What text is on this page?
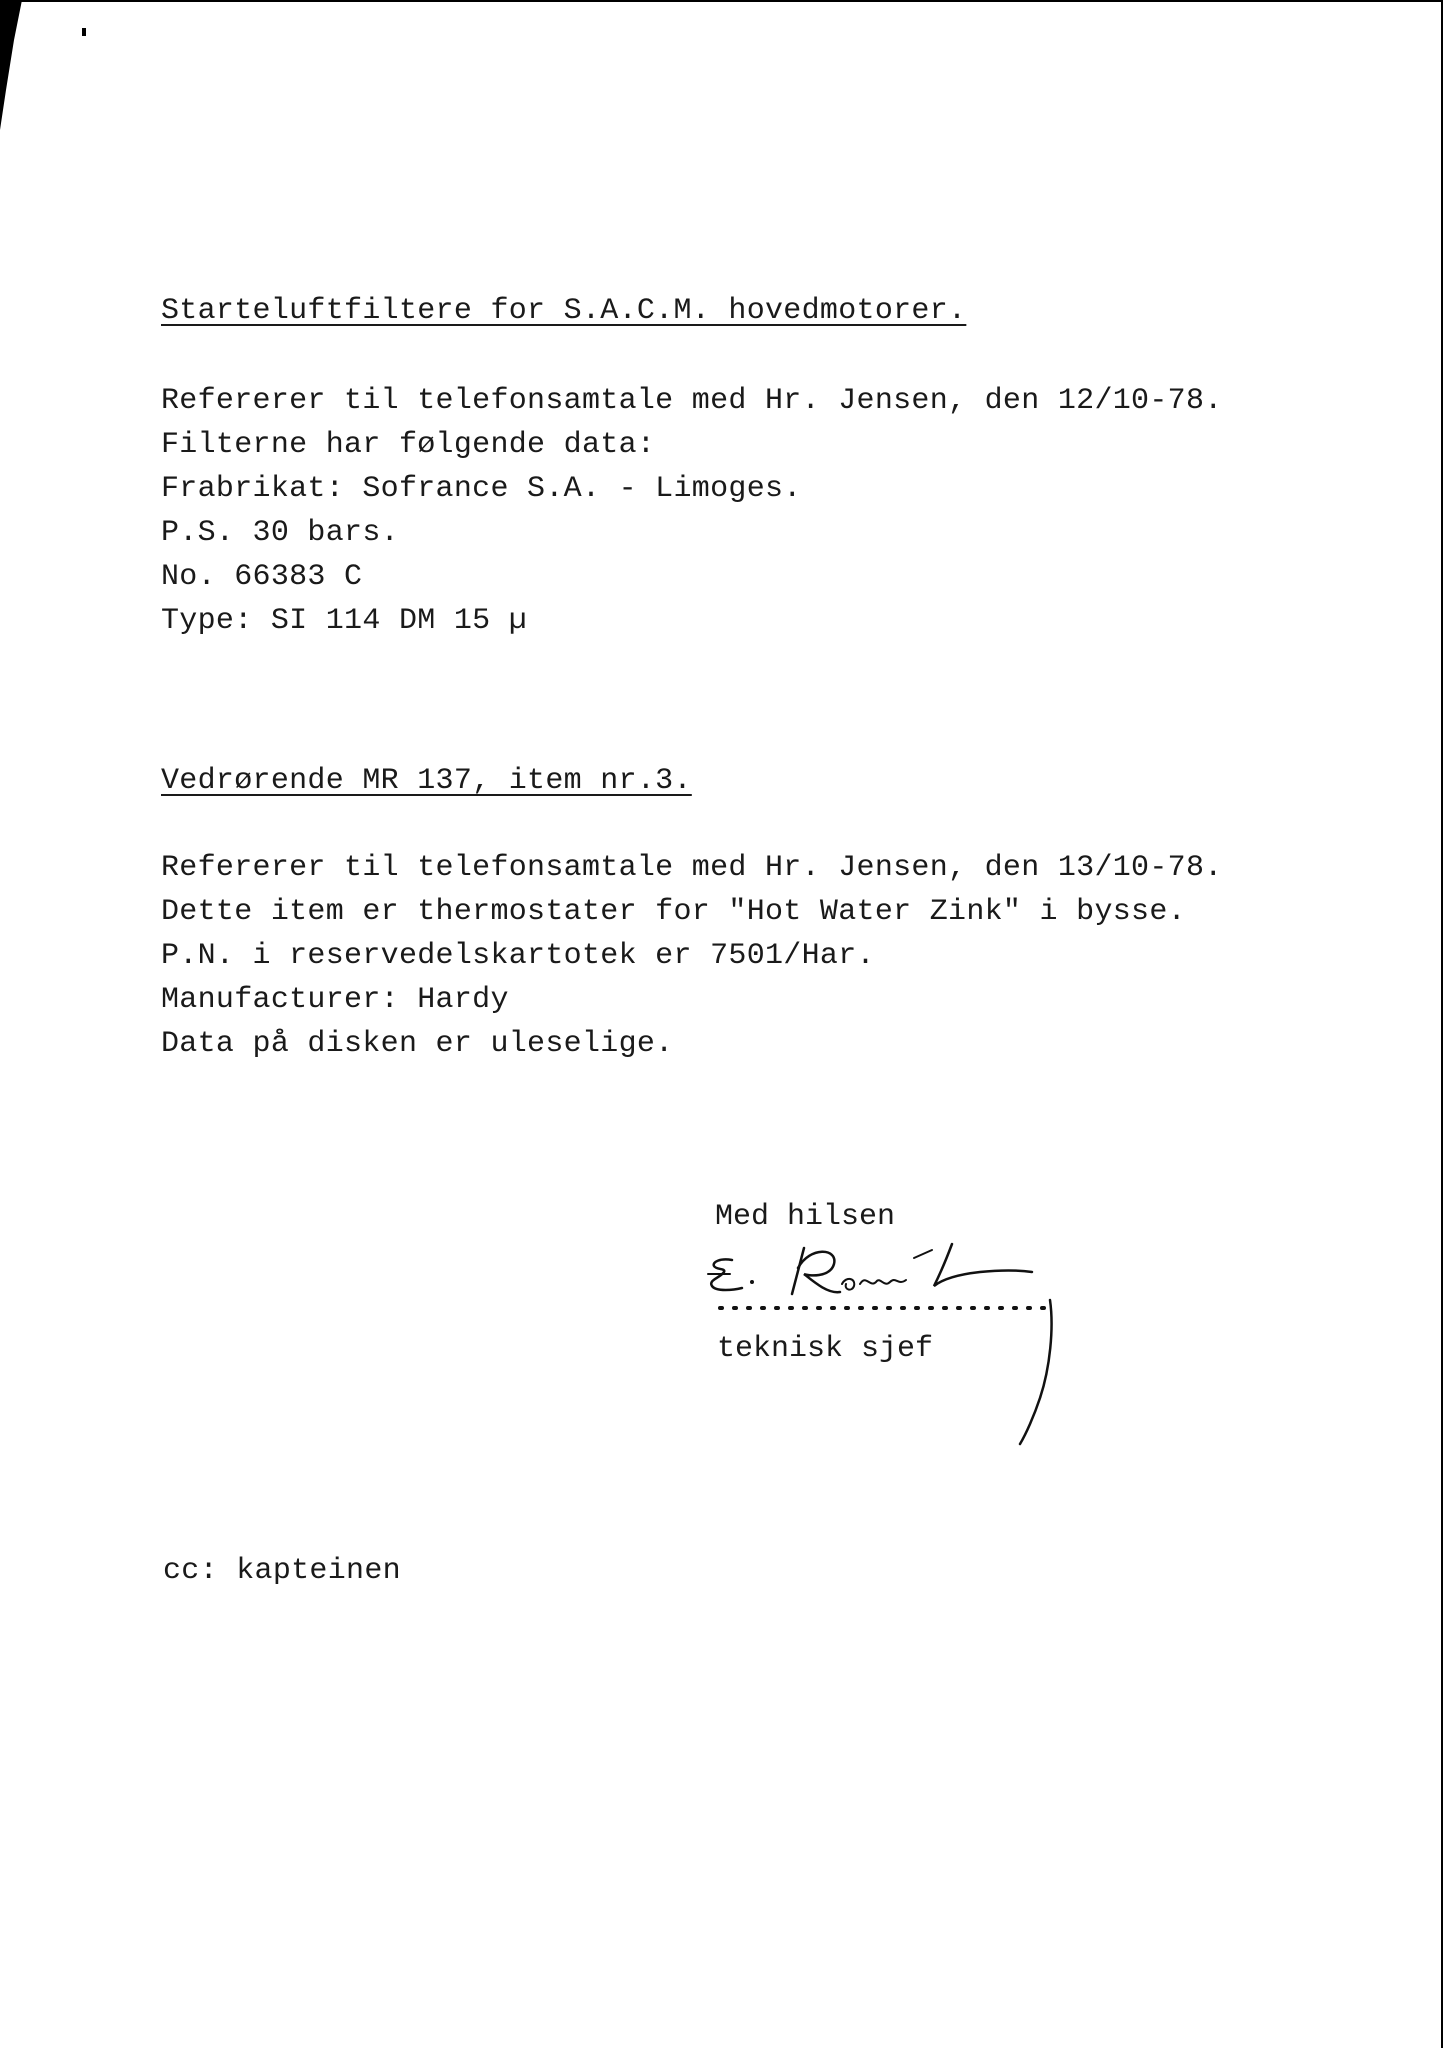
Starteluftfiltere for S.A.C.M. hovedmotorer.
Refererer til telefonsamtale med Hr. Jensen, den 12/10-78.
Filterne har følgende data:
Frabrikat: Sofrance S.A. - Limoges.
P.S. 30 bars.
No. 66383 C
Type: SI 114 DM 15 µ
Vedrørende MR 137, item nr.3.
Refererer til telefonsamtale med Hr. Jensen, den 13/10-78.
Dette item er thermostater for "Hot Water Zink" i bysse.
P.N. i reservedelskartotek er 7501/Har.
Manufacturer: Hardy
Data på disken er uleselige.
Med hilsen
teknisk sjef
cc: kapteinen
